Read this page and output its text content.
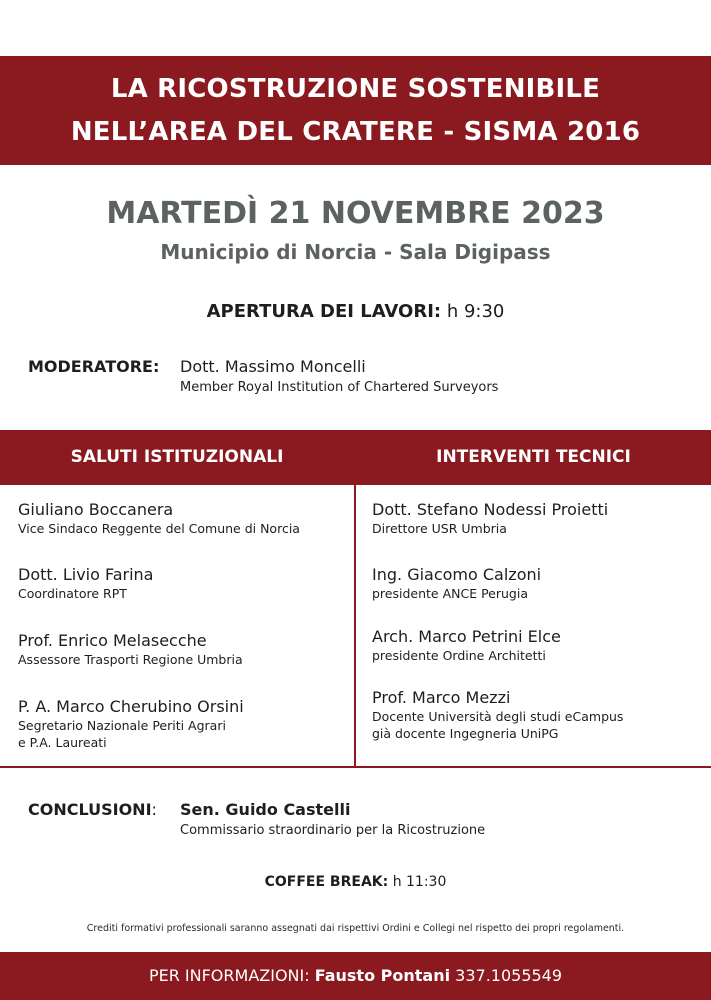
LA RICOSTRUZIONE SOSTENIBILE
NELL’AREA DEL CRATERE - SISMA 2016
MARTEDÌ 21 NOVEMBRE 2023
Municipio di Norcia - Sala Digipass
APERTURA DEI LAVORI: h 9:30
MODERATORE: Dott. Massimo Moncelli
Member Royal Institution of Chartered Surveyors
SALUTI ISTITUZIONALI	INTERVENTI TECNICI
Giuliano Boccanera
Vice Sindaco Reggente del Comune di Norcia
Dott. Livio Farina
Coordinatore RPT
Prof. Enrico Melasecche
Assessore Trasporti Regione Umbria
P. A. Marco Cherubino Orsini
Segretario Nazionale Periti Agrari
e P.A. Laureati
Dott. Stefano Nodessi Proietti
Direttore USR Umbria
Ing. Giacomo Calzoni
presidente ANCE Perugia
Arch. Marco Petrini Elce
presidente Ordine Architetti
Prof. Marco Mezzi
Docente Università degli studi eCampus
già docente Ingegneria UniPG
CONCLUSIONI: Sen. Guido Castelli
Commissario straordinario per la Ricostruzione
COFFEE BREAK: h 11:30
Crediti formativi professionali saranno assegnati dai rispettivi Ordini e Collegi nel rispetto dei propri regolamenti.
PER INFORMAZIONI: Fausto Pontani 337.1055549
